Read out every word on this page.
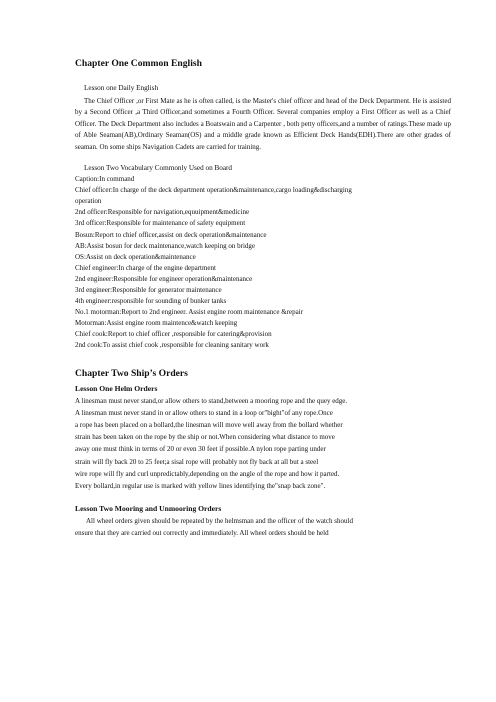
Chapter One Common English
Lesson one Daily English

The Chief Officer ,or First Mate as he is often called, is the Master's chief officer and head of the Deck Department. He is assisted by a Second Officer ,a Third Officer,and sometimes a Fourth Officer. Several companies employ a First Officer as well as a Chief Officer. The Deck Department also includes a Boatswain and a Carpenter , both petty officers,and a number of ratings.These made up of Able Seaman(AB),Ordinary Seaman(OS) and a middle grade known as Efficient Deck Hands(EDH).There are other grades of seaman. On some ships Navigation Cadets are carried for training.

Lesson Two Vocabulary Commonly Used on Board
Caption:In command
Chief officer:In charge of the deck department operation&maintenance,cargo loading&discharging
operation
2nd officer:Responsible for navigation,equuipment&medicine
3rd officer:Responsible for maintenance of safety equipment
Bosun:Report to chief officer,assist on deck operation&maintenance
AB:Assist bosun for deck maintenance,watch keeping on bridge
OS:Assist on deck operation&maintenance
Chief engineer:In charge of the engine department
2nd engineer:Responsible for engineer operation&maintenance
3rd engineer:Responsible for generator maintenance
4th engineer:responsible for sounding of bunker tanks
No.1 motorman:Report to 2nd engineer. Assist engine room maintenance &repair
Motorman:Assist engine room maintence&watch keeping
Chief cook:Report to chief officer ,responsible for catering&provision
2nd cook:To assist chief cook ,responsible for cleaning sanitary work
Chapter Two Ship’s Orders
Lesson One Helm Orders
A linesman must never stand,or allow others to stand,between a mooring rope and the quey edge.
A linesman must never stand in or allow others to stand in a loop or"bight"of any rope.Once
a rope has been placed on a bollard,the linesman will move well away from the bollard whether
strain has been taken on the rope by the ship or not.When considering what distance to move
away one must think in terms of 20 or even 30 feet if possible.A nylon rope parting under
strain will fly back 20 to 25 feet;a sisal rope will probably not fly back at all but a steel
wire rope will fly and curl unpredictably,depending on the angle of the rope and how it parted.
Every bollard,in regular use is marked with yellow lines identifying the"snap back zone".
Lesson Two Mooring and Unmooring Orders
All wheel orders given should be repeated by the helmsman and the officer of the watch should
ensure that they are carried out correctly and immediately. All wheel orders should be held
